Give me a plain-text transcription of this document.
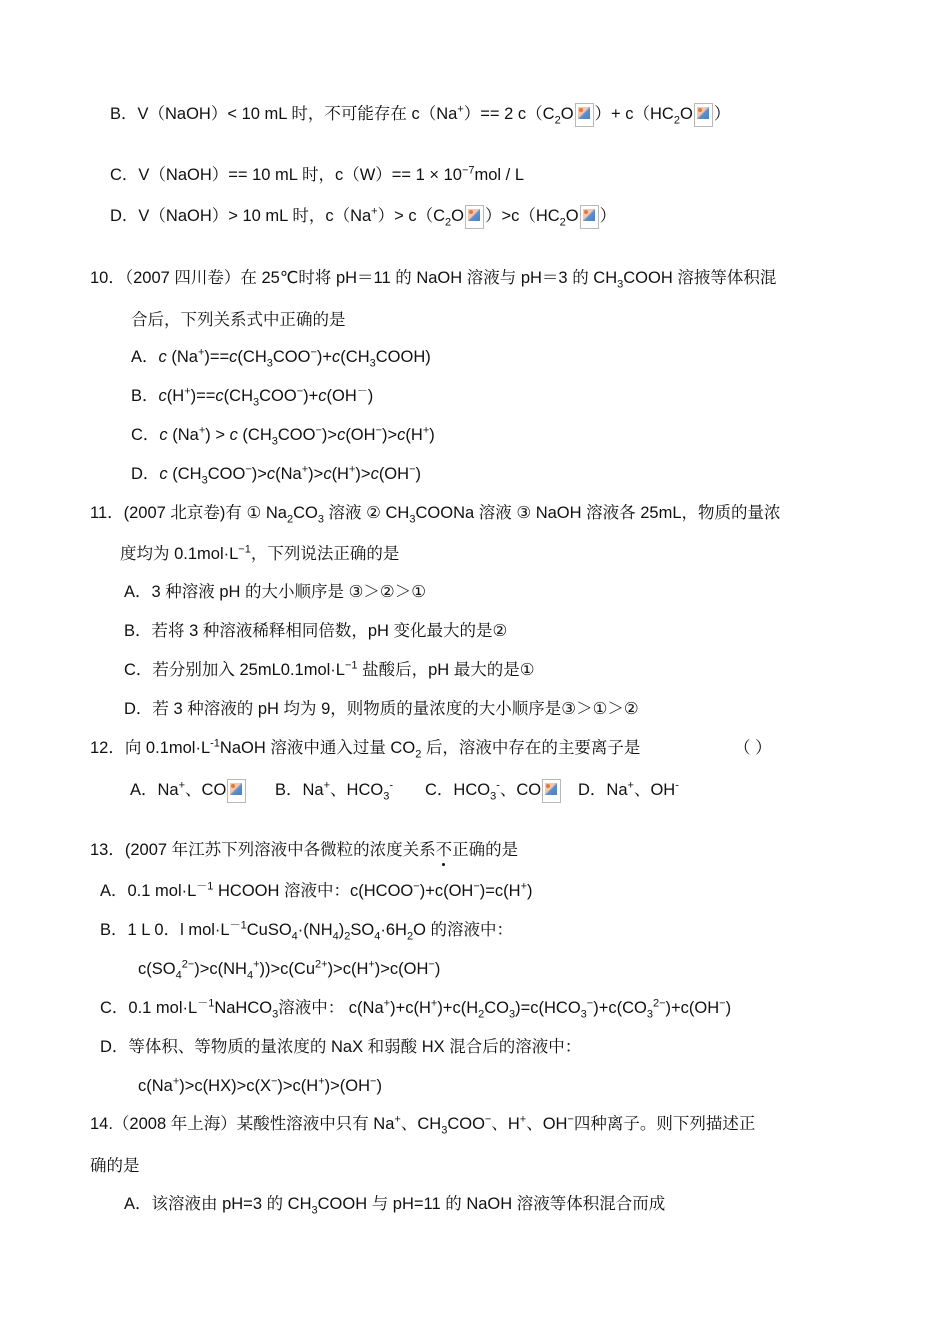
B．V（NaOH）< 10 mL 时，不可能存在 c（Na+）== 2 $c(C_2O$ ）+ $c(HC_2O$ ）
C．V（NaOH）== 10 mL 时，$c(W)== 1 \times 10^{-7}mol / L$
D．V（NaOH）> 10 mL 时，$c(Na^+)> c(C_2O$ ）$>c(HC_2O$ ）
10．（2007 四川卷）在 25℃时将 pH＝11 的 NaOH 溶液与 pH＝3 的 $CH_3COOH$ 溶掖等体积混
合后，下列关系式中正确的是
A．c $(Na^+)==c(CH_3COO^-)+c(CH_3COOH)$
B．$c(H^+)==c(CH_3COO^-)+c(OH^-)$
C．c (Na+) > c $(CH_3COO^-)>c(OH^-)>c(H^+)$
D．c $(CH_3COO^-)>c(Na^+)>c(H^+)>c(OH^-)$
11．(2007 北京卷)有 ① $Na_2CO_3$ 溶液 ② $CH_3COONa$ 溶液 ③ NaOH 溶液各 25mL，物质的量浓
度均为 $0.1mol\cdot L^{-1}$，下列说法正确的是
A．3 种溶液 pH 的大小顺序是 ③＞②＞①
B．若将 3 种溶液稀释相同倍数，pH 变化最大的是②
C．若分别加入 $25mL0.1mol\cdot L^{-1}$ 盐酸后，pH 最大的是①
D．若 3 种溶液的 pH 均为 9，则物质的量浓度的大小顺序是③＞①＞②
12．向 $0.1mol\cdot L^{-1}NaOH$ 溶液中通入过量 $CO_2$ 后，溶液中存在的主要离子是	（ ）
A．Na+、CO	B．Na+、$HCO_3^-$ C．$HCO_3^-$、CO	D．Na+、OH-
13．(2007 年江苏下列溶液中各微粒的浓度关系不正确的是
A．0.1 $mol\cdot L^{-1}$ HCOOH 溶液中：c(HCOO−)+c(OH−)=c(H+)
B．1 L 0．l $mol\cdot L^{-1}CuSO_4\cdot(NH_4)_2SO_4\cdot 6H_2O$ 的溶液中：
$c(SO_4^{2-})>c(NH_4^+))>c(Cu^{2+})>c(H^+)>c(OH^-)$
C．0.1 $mol\cdot L^{-1}NaHCO_3$溶液中： $c(Na^+)+c(H^+)+c(H_2CO_3)=c(HCO_3^-)+c(CO_3^{2-})+c(OH^-)$
D．等体积、等物质的量浓度的 NaX 和弱酸 HX 混合后的溶液中：
c(Na+)>c(HX)>c(X−)>c(H+)>(OH−)
14.（2008 年上海）某酸性溶液中只有 Na+、$CH_3COO^-$、H+、OH−四种离子。则下列描述正
确的是
A．该溶液由 pH=3 的 $CH_3COOH$ 与 pH=11 的 NaOH 溶液等体积混合而成
